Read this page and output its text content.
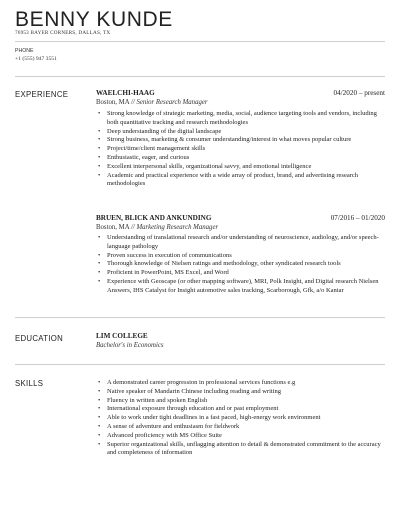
BENNY KUNDE
76953 BAYER CORNERS, DALLAS, TX
PHONE
+1 (555) 947 3551
EXPERIENCE	WAELCHI-HAAG	04/2020 – present
Boston, MA // Senior Research Manager
• Strong knowledge of strategic marketing, media, social, audience targeting tools and vendors, including both quantitative tracking and research methodologies
• Deep understanding of the digital landscape
• Strong business, marketing & consumer understanding/interest in what moves popular culture
• Project/time/client management skills
• Enthusiastic, eager, and curious
• Excellent interpersonal skills, organizational savvy, and emotional intelligence
• Academic and practical experience with a wide array of product, brand, and advertising research methodologies
BRUEN, BLICK AND ANKUNDING	07/2016 – 01/2020
Boston, MA // Marketing Research Manager
• Understanding of translational research and/or understanding of neuroscience, audiology, and/or speech-language pathology
• Proven success in execution of communications
• Thorough knowledge of Nielsen ratings and methodology, other syndicated research tools
• Proficient in PowerPoint, MS Excel, and Word
• Experience with Geoscape (or other mapping software), MRI, Polk Insight, and Digital research Nielsen Answers, IHS Catalyst for Insight automotive sales tracking, Scarborough, Gfk, a/o Kantar
EDUCATION	LIM COLLEGE
Bachelor's in Economics
SKILLS
•	A demonstrated career progression in professional services functions e.g
• Native speaker of Mandarin Chinese including reading and writing
• Fluency in written and spoken English
• International exposure through education and or past employment
• Able to work under tight deadlines in a fast paced, high-energy work environment
• A sense of adventure and enthusiasm for fieldwork
• Advanced proficiency with MS Office Suite
• Superior organizational skills, unflagging attention to detail & demonstrated commitment to the accuracy and completeness of information
